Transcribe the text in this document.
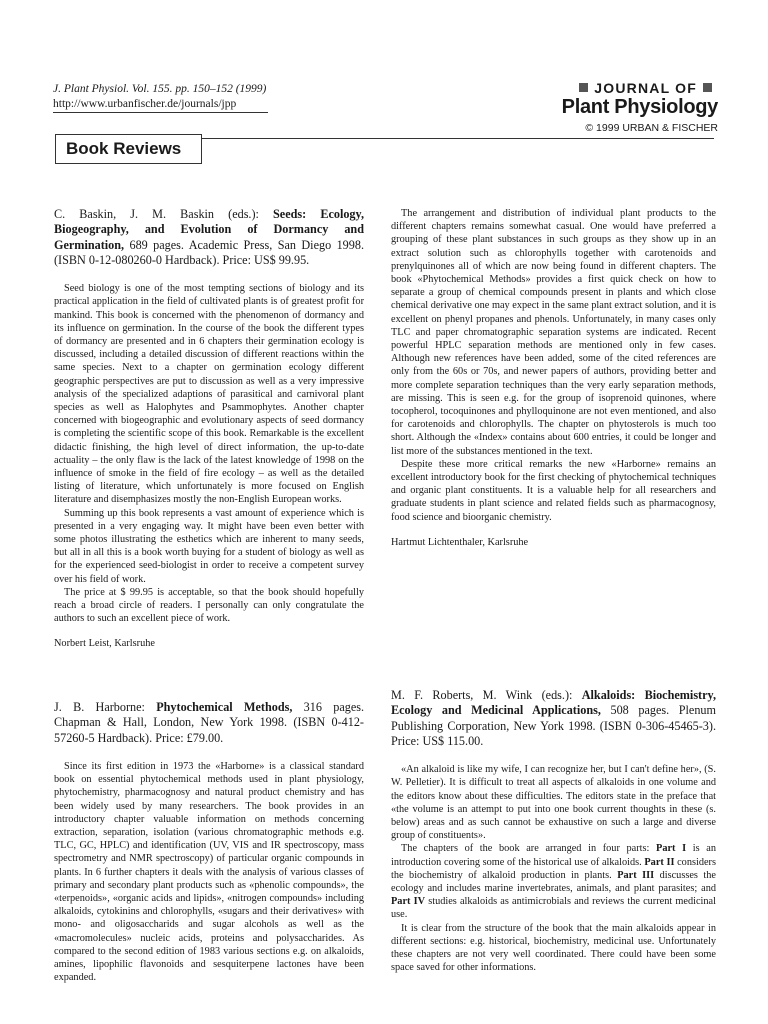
J. Plant Physiol. Vol. 155. pp. 150–152 (1999)
http://www.urbanfischer.de/journals/jpp
JOURNAL OF
Plant Physiology
© 1999 URBAN & FISCHER
Book Reviews
C. Baskin, J. M. Baskin (eds.): Seeds: Ecology, Biogeography, and Evolution of Dormancy and Germination, 689 pages. Academic Press, San Diego 1998. (ISBN 0-12-080260-0 Hardback). Price: US$ 99.95.

Seed biology is one of the most tempting sections of biology and its practical application in the field of cultivated plants is of greatest profit for mankind. This book is concerned with the phenomenon of dormancy and its influence on germination. In the course of the book the different types of dormancy are presented and in 6 chapters their germination ecology is discussed, including a detailed discussion of different reactions within the same species. Next to a chapter on germination ecology different geographic perspectives are put to discussion as well as a very impressive analysis of the specialized adaptions of parasitical and carnivoral plant species as well as Halophytes and Psammophytes. Another chapter concerned with biogeographic and evolutionary aspects of seed dormancy is completing the scientific scope of this book. Remarkable is the excellent didactic finishing, the high level of direct information, the up-to-date actuality – the only flaw is the lack of the latest knowledge of 1998 on the influence of smoke in the field of fire ecology – as well as the detailed listing of literature, which unfortunately is more focused on English literature and disemphasizes mostly the non-English European works.

Summing up this book represents a vast amount of experience which is presented in a very engaging way. It might have been even better with some photos illustrating the esthetics which are inherent to many seeds, but all in all this is a book worth buying for a student of biology as well as for the experienced seed-biologist in order to receive a competent survey over his field of work.

The price at $ 99.95 is acceptable, so that the book should hopefully reach a broad circle of readers. I personally can only congratulate the authors to such an excellent piece of work.

Norbert Leist, Karlsruhe

J. B. Harborne: Phytochemical Methods, 316 pages. Chapman & Hall, London, New York 1998. (ISBN 0-412-57260-5 Hardback). Price: £79.00.

Since its first edition in 1973 the «Harborne» is a classical standard book on essential phytochemical methods used in plant physiology, phytochemistry, pharmacognosy and natural product chemistry and has been widely used by many researchers. The book provides in an introductory chapter valuable information on methods concerning extraction, separation, isolation (various chromatographic methods e.g. TLC, GC, HPLC) and identification (UV, VIS and IR spectroscopy, mass spectrometry and NMR spectroscopy) of particular organic compounds in plants. In 6 further chapters it deals with the analysis of various classes of primary and secondary plant products such as «phenolic compounds», the «terpenoids», «organic acids and lipids», «nitrogen compounds» including alkaloids, cytokinins and chlorophylls, «sugars and their derivatives» with mono- and oligosaccharids and sugar alcohols as well as the «macromolecules» nucleic acids, proteins and polysaccharides. As compared to the second edition of 1983 various sections e.g. on alkaloids, amines, lipophilic flavonoids and sesquiterpene lactones have been expanded.

The arrangement and distribution of individual plant products to the different chapters remains somewhat casual. One would have preferred a grouping of these plant substances in such groups as they show up in an extract solution such as chlorophylls together with carotenoids and prenylquinones all of which are now being found in different chapters. The book «Phytochemical Methods» provides a first quick check on how to separate a group of chemical compounds present in plants and which close chemical derivative one may expect in the same plant extract solution, and it is excellent on phenyl propanes and phenols. Unfortunately, in many cases only TLC and paper chromatographic separation systems are indicated. Recent powerful HPLC separation methods are mentioned only in few cases. Although new references have been added, some of the cited references are only from the 60s or 70s, and newer papers of authors, providing better and more complete separation techniques than the very early separation methods, are missing. This is seen e.g. for the group of isoprenoid quinones, where tocopherol, tocoquinones and phylloquinone are not even mentioned, and also for carotenoids and chlorophylls. The chapter on phytosterols is much too short. Although the «Index» contains about 600 entries, it could be longer and list more of the substances mentioned in the text.

Despite these more critical remarks the new «Harborne» remains an excellent introductory book for the first checking of phytochemical techniques and organic plant constituents. It is a valuable help for all researchers and graduate students in plant science and related fields such as pharmacognosy, food science and bioorganic chemistry.

Hartmut Lichtenthaler, Karlsruhe

M. F. Roberts, M. Wink (eds.): Alkaloids: Biochemistry, Ecology and Medicinal Applications, 508 pages. Plenum Publishing Corporation, New York 1998. (ISBN 0-306-45465-3). Price: US$ 115.00.

«An alkaloid is like my wife, I can recognize her, but I can't define her», (S. W. Pelletier). It is difficult to treat all aspects of alkaloids in one volume and the editors know about these difficulties. The editors state in the preface that «the volume is an attempt to put into one book current thoughts in these (s. below) areas and as such cannot be exhaustive on such a large and diverse group of constituents».

The chapters of the book are arranged in four parts: Part I is an introduction covering some of the historical use of alkaloids. Part II considers the biochemistry of alkaloid production in plants. Part III discusses the ecology and includes marine invertebrates, animals, and plant parasites; and Part IV studies alkaloids as antimicrobials and reviews the current medicinal use.

It is clear from the structure of the book that the main alkaloids appear in different sections: e.g. historical, biochemistry, medicinal use. Unfortunately these chapters are not very well coordinated. There could have been some space saved for other informations.
